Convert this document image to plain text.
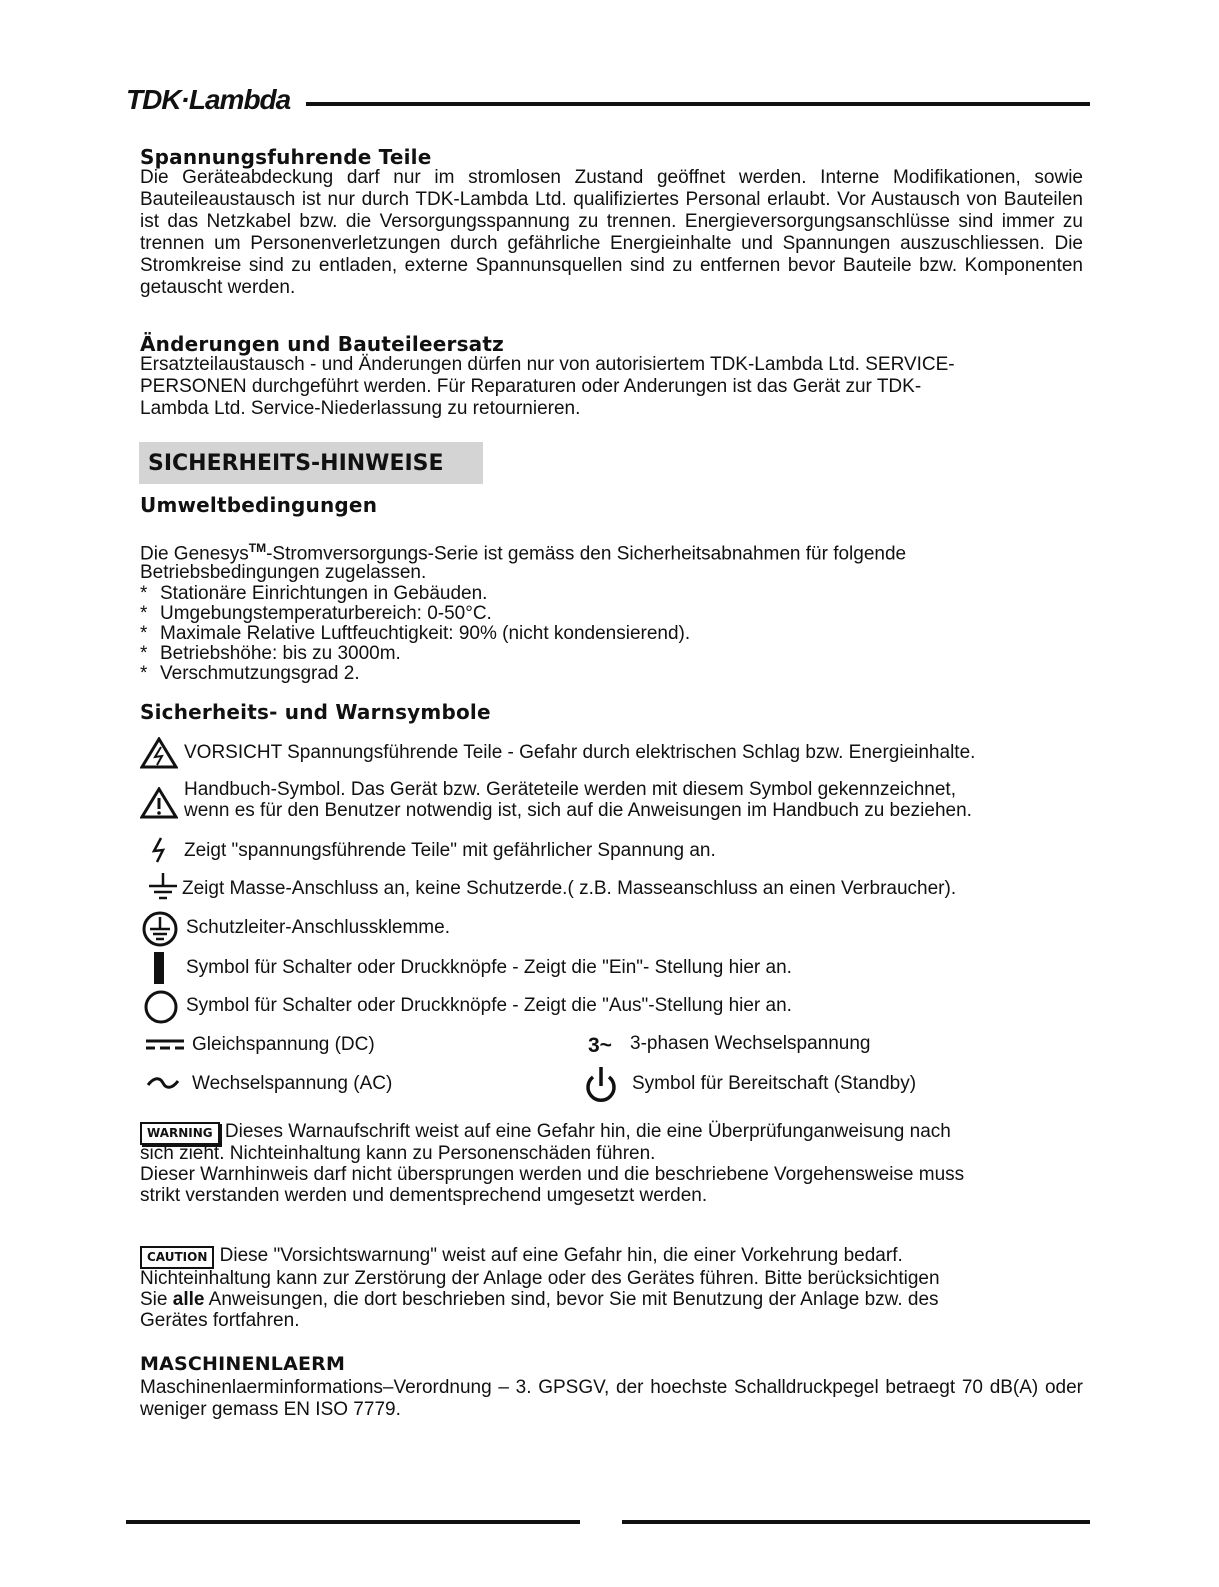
TDK·Lambda
Spannungsfuhrende Teile
Die Geräteabdeckung darf nur im stromlosen Zustand geöffnet werden. Interne Modifikationen, sowie Bauteileaustausch ist nur durch TDK-Lambda Ltd. qualifiziertes Personal erlaubt. Vor Austausch von Bauteilen ist das Netzkabel bzw. die Versorgungsspannung zu trennen. Energieversorgungsanschlüsse sind immer zu trennen um Personenverletzungen durch gefährliche Energieinhalte und Spannungen auszuschliessen. Die Stromkreise sind zu entladen, externe Spannunsquellen sind zu entfernen bevor Bauteile bzw. Komponenten getauscht werden.
Änderungen und Bauteileersatz
Ersatzteilaustausch - und Änderungen dürfen nur von autorisiertem TDK-Lambda Ltd. SERVICE-
PERSONEN durchgeführt werden. Für Reparaturen oder Anderungen ist das Gerät zur TDK-
Lambda Ltd. Service-Niederlassung zu retournieren.
SICHERHEITS-HINWEISE
Umweltbedingungen
Die Genesys™-Stromversorgungs-Serie ist gemäss den Sicherheitsabnahmen für folgende
Betriebsbedingungen zugelassen.
* Stationäre Einrichtungen in Gebäuden.
* Umgebungstemperaturbereich: 0-50°C.
* Maximale Relative Luftfeuchtigkeit: 90% (nicht kondensierend).
* Betriebshöhe: bis zu 3000m.
* Verschmutzungsgrad 2.
Sicherheits- und Warnsymbole
VORSICHT Spannungsführende Teile - Gefahr durch elektrischen Schlag bzw. Energieinhalte.
Handbuch-Symbol. Das Gerät bzw. Geräteteile werden mit diesem Symbol gekennzeichnet,
wenn es für den Benutzer notwendig ist, sich auf die Anweisungen im Handbuch zu beziehen.
Zeigt "spannungsführende Teile" mit gefährlicher Spannung an.
Zeigt Masse-Anschluss an, keine Schutzerde.( z.B. Masseanschluss an einen Verbraucher).
Schutzleiter-Anschlussklemme.
Symbol für Schalter oder Druckknöpfe - Zeigt die "Ein"- Stellung hier an.
Symbol für Schalter oder Druckknöpfe - Zeigt die "Aus"-Stellung hier an.
Gleichspannung (DC)	3~ 3-phasen Wechselspannung
Wechselspannung (AC)	Symbol für Bereitschaft (Standby)
WARNING Dieses Warnaufschrift weist auf eine Gefahr hin, die eine Überprüfunganweisung nach
sich zieht. Nichteinhaltung kann zu Personenschäden führen.
Dieser Warnhinweis darf nicht übersprungen werden und die beschriebene Vorgehensweise muss
strikt verstanden werden und dementsprechend umgesetzt werden.
CAUTION Diese "Vorsichtswarnung" weist auf eine Gefahr hin, die einer Vorkehrung bedarf.
Nichteinhaltung kann zur Zerstörung der Anlage oder des Gerätes führen. Bitte berücksichtigen
Sie alle Anweisungen, die dort beschrieben sind, bevor Sie mit Benutzung der Anlage bzw. des
Gerätes fortfahren.
MASCHINENLAERM
Maschinenlaerminformations–Verordnung – 3. GPSGV, der hoechste Schalldruckpegel betraegt 70 dB(A) oder weniger gemass EN ISO 7779.
